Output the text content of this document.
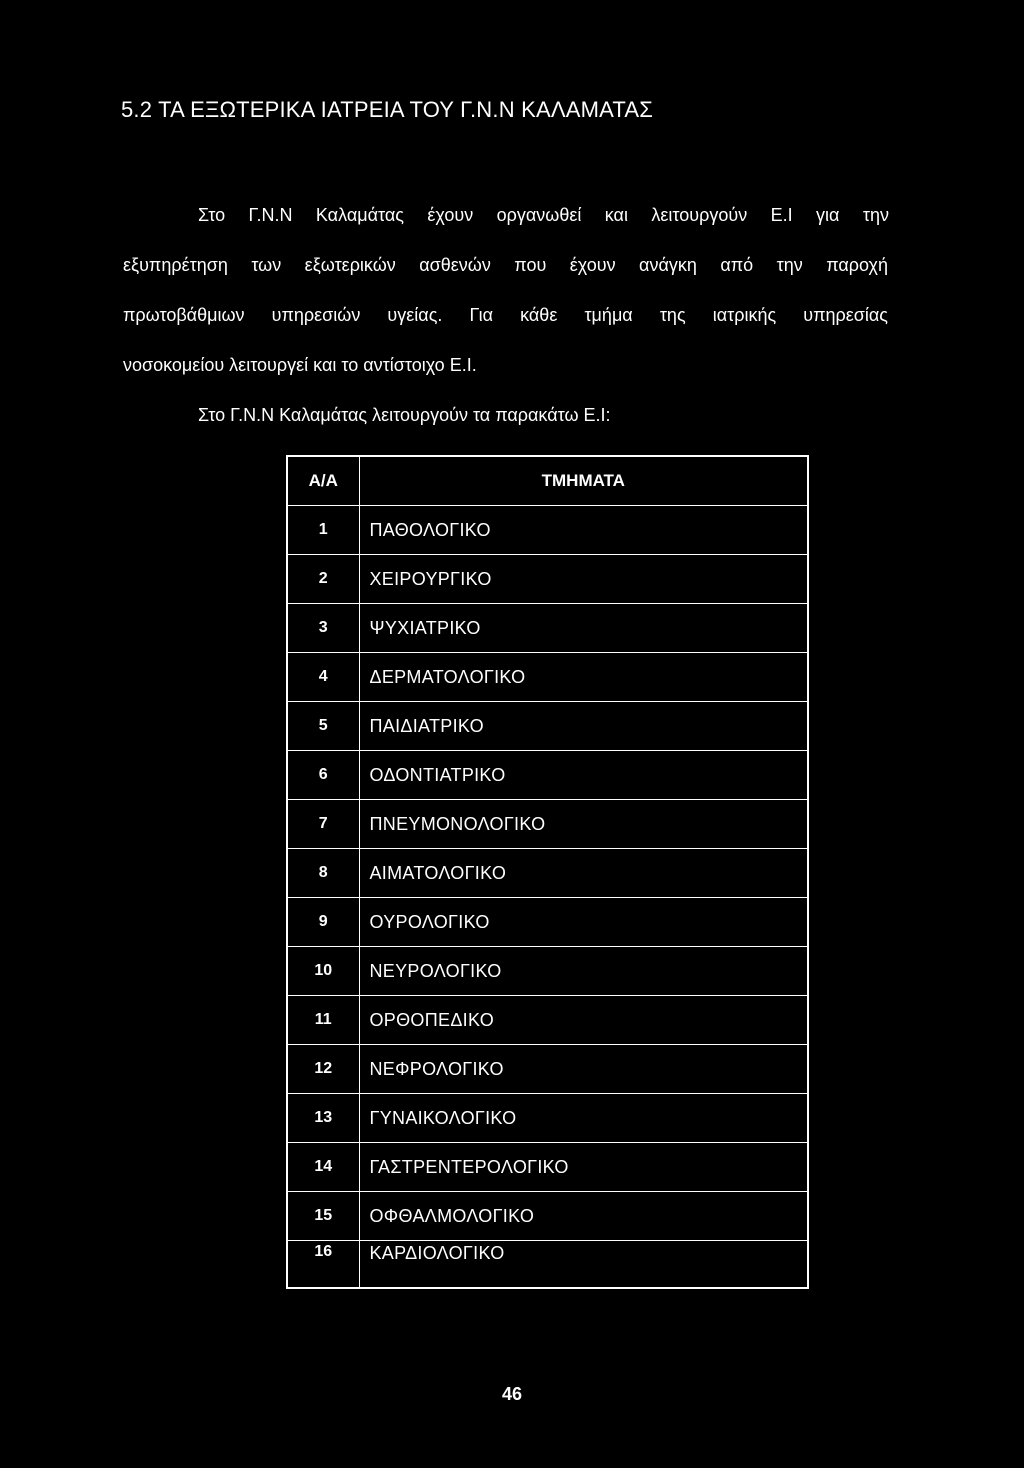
5.2 ΤΑ ΕΞΩΤΕΡΙΚΑ ΙΑΤΡΕΙΑ ΤΟΥ Γ.Ν.Ν ΚΑΛΑΜΑΤΑΣ
Στο Γ.Ν.Ν Καλαμάτας έχουν οργανωθεί και λειτουργούν Ε.Ι για την
εξυπηρέτηση των εξωτερικών ασθενών που έχουν ανάγκη από την παροχή
πρωτοβάθμιων υπηρεσιών υγείας. Για κάθε τμήμα της ιατρικής υπηρεσίας
νοσοκομείου λειτουργεί και το αντίστοιχο Ε.Ι.
Στο Γ.Ν.Ν Καλαμάτας λειτουργούν τα παρακάτω Ε.Ι:
Α/Α	ΤΜΗΜΑΤΑ
1	ΠΑΘΟΛΟΓΙΚΟ
2	ΧΕΙΡΟΥΡΓΙΚΟ
3	ΨΥΧΙΑΤΡΙΚΟ
4	ΔΕΡΜΑΤΟΛΟΓΙΚΟ
5	ΠΑΙΔΙΑΤΡΙΚΟ
6	ΟΔΟΝΤΙΑΤΡΙΚΟ
7	ΠΝΕΥΜΟΝΟΛΟΓΙΚΟ
8	ΑΙΜΑΤΟΛΟΓΙΚΟ
9	ΟΥΡΟΛΟΓΙΚΟ
10	ΝΕΥΡΟΛΟΓΙΚΟ
11	ΟΡΘΟΠΕΔΙΚΟ
12	ΝΕΦΡΟΛΟΓΙΚΟ
13	ΓΥΝΑΙΚΟΛΟΓΙΚΟ
14	ΓΑΣΤΡΕΝΤΕΡΟΛΟΓΙΚΟ
15	ΟΦΘΑΛΜΟΛΟΓΙΚΟ
16	ΚΑΡΔΙΟΛΟΓΙΚΟ
46
